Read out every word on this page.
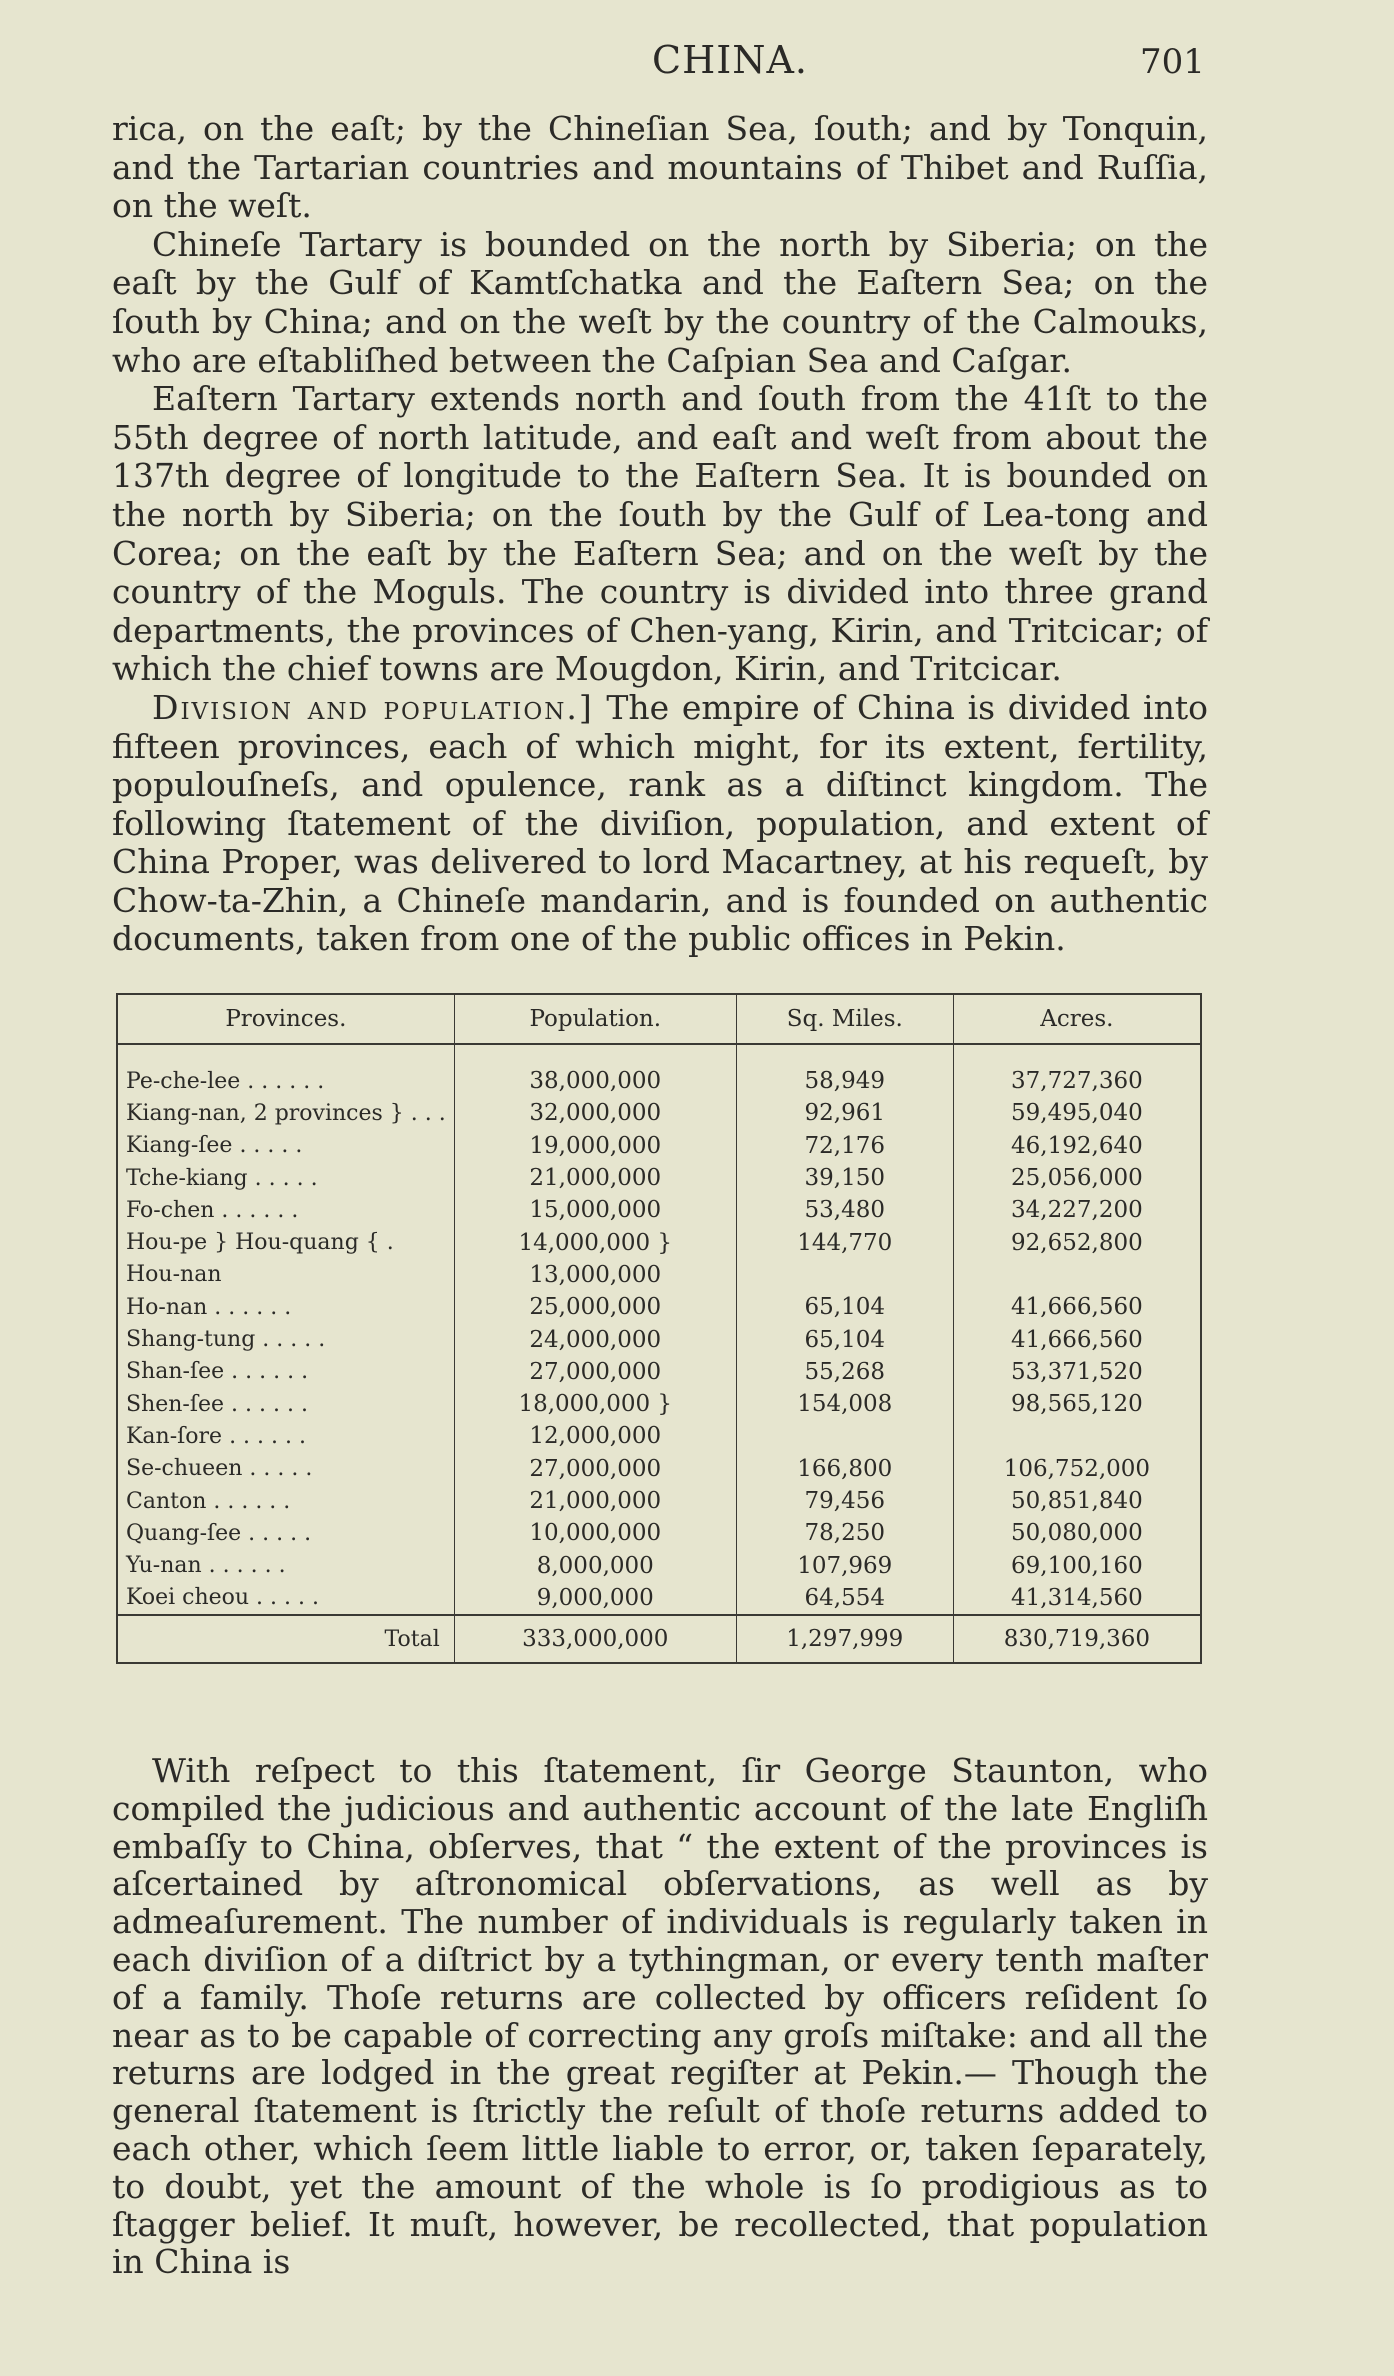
CHINA.	701

rica, on the eaſt; by the Chineſian Sea, ſouth; and by Tonquin, and the Tartarian countries and mountains of Thibet and Ruſſia, on the weſt.

Chineſe Tartary is bounded on the north by Siberia; on the eaſt by the Gulf of Kamtſchatka and the Eaſtern Sea; on the ſouth by China; and on the weſt by the country of the Calmouks, who are eſtabliſhed between the Caſpian Sea and Caſgar.

Eaſtern Tartary extends north and ſouth from the 41ſt to the 55th degree of north latitude, and eaſt and weſt from about the 137th degree of longitude to the Eaſtern Sea. It is bounded on the north by Siberia; on the ſouth by the Gulf of Lea-tong and Corea; on the eaſt by the Eaſtern Sea; and on the weſt by the country of the Moguls. The country is divided into three grand departments, the provinces of Chen-yang, Kirin, and Tritcicar; of which the chief towns are Mougdon, Kirin, and Tritcicar.

Division and population.] The empire of China is divided into fifteen provinces, each of which might, for its extent, fertility, populouſneſs, and opulence, rank as a diſtinct kingdom. The following ſtatement of the diviſion, population, and extent of China Proper, was delivered to lord Macartney, at his requeſt, by Chow-ta-Zhin, a Chineſe mandarin, and is founded on authentic documents, taken from one of the public offices in Pekin.

Provinces.	Population.	Sq. Miles.	Acres.
Pe-che-lee . . . . . .	38,000,000	58,949	37,727,360
Kiang-nan, 2 provinces } . . .	32,000,000	92,961	59,495,040
Kiang-ſee . . . . .	19,000,000	72,176	46,192,640
Tche-kiang . . . . .	21,000,000	39,150	25,056,000
Fo-chen . . . . . .	15,000,000	53,480	34,227,200
Hou-pe } Hou-quang { .	14,000,000 }	144,770	92,652,800
Hou-nan	13,000,000		
Ho-nan . . . . . .	25,000,000	65,104	41,666,560
Shang-tung . . . . .	24,000,000	65,104	41,666,560
Shan-ſee . . . . . .	27,000,000	55,268	53,371,520
Shen-ſee . . . . . .	18,000,000 }	154,008	98,565,120
Kan-ſore . . . . . .	12,000,000		
Se-chueen . . . . .	27,000,000	166,800	106,752,000
Canton . . . . . .	21,000,000	79,456	50,851,840
Quang-ſee . . . . .	10,000,000	78,250	50,080,000
Yu-nan . . . . . .	8,000,000	107,969	69,100,160
Koei cheou . . . . .	9,000,000	64,554	41,314,560
Total	333,000,000	1,297,999	830,719,360

With reſpect to this ſtatement, ſir George Staunton, who compiled the judicious and authentic account of the late Engliſh embaſſy to China, obſerves, that “ the extent of the provinces is aſcertained by aſtronomical obſervations, as well as by admeaſurement. The number of individuals is regularly taken in each diviſion of a diſtrict by a tythingman, or every tenth maſter of a family. Thoſe returns are collected by officers reſident ſo near as to be capable of correcting any groſs miſtake: and all the returns are lodged in the great regiſter at Pekin.— Though the general ſtatement is ſtrictly the reſult of thoſe returns added to each other, which ſeem little liable to error, or, taken ſeparately, to doubt, yet the amount of the whole is ſo prodigious as to ſtagger belief. It muſt, however, be recollected, that population in China is
